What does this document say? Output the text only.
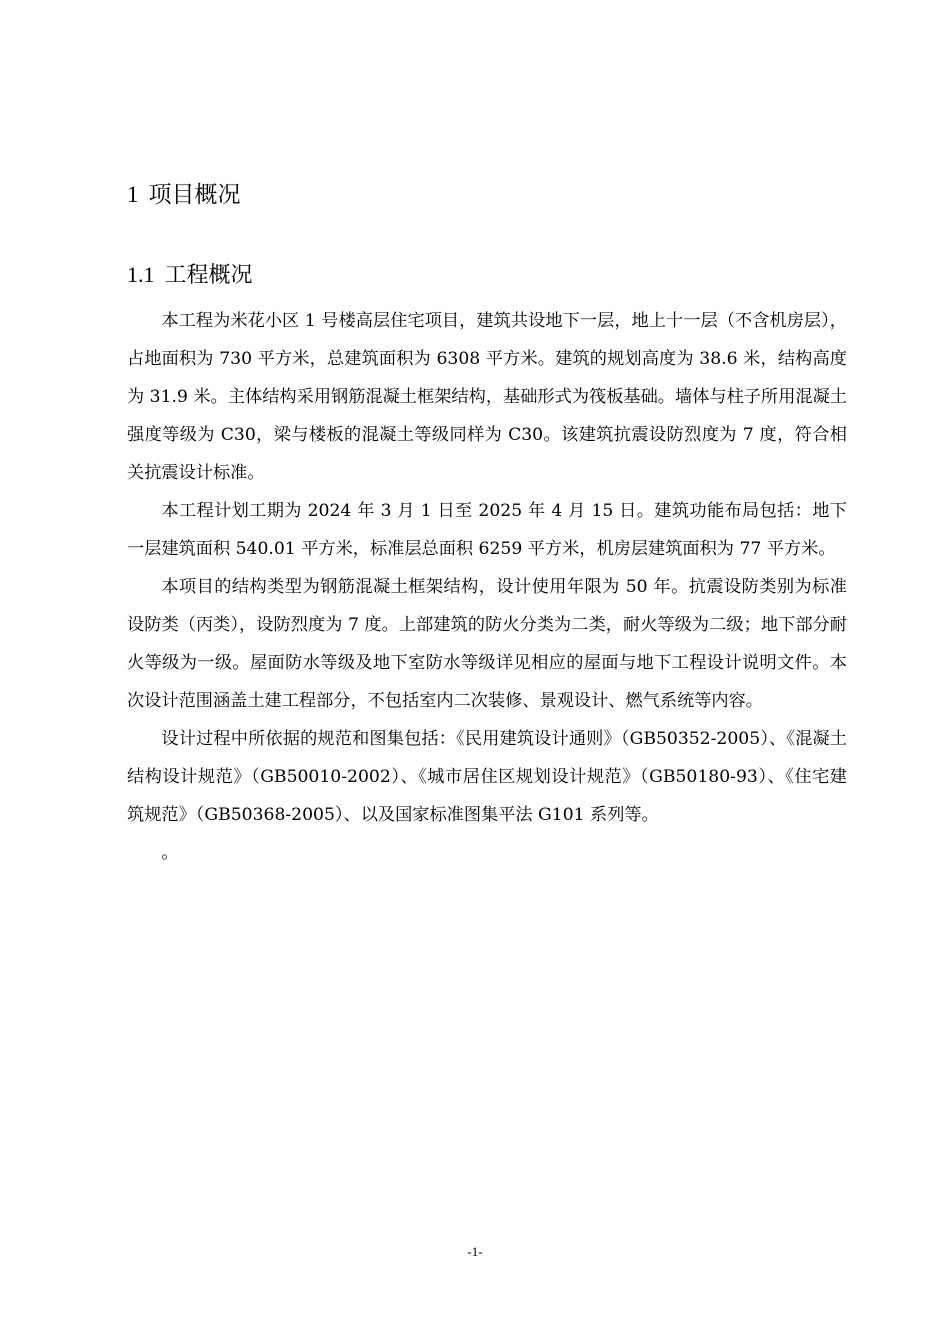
1 项目概况
1.1 工程概况

本工程为米花小区 1 号楼高层住宅项目，建筑共设地下一层，地上十一层（不含机房层），占地面积为 730 平方米，总建筑面积为 6308 平方米。建筑的规划高度为 38.6 米，结构高度为 31.9 米。主体结构采用钢筋混凝土框架结构，基础形式为筏板基础。墙体与柱子所用混凝土强度等级为 C30，梁与楼板的混凝土等级同样为 C30。该建筑抗震设防烈度为 7 度，符合相关抗震设计标准。

本工程计划工期为 2024 年 3 月 1 日至 2025 年 4 月 15 日。建筑功能布局包括：地下一层建筑面积 540.01 平方米，标准层总面积 6259 平方米，机房层建筑面积为 77 平方米。

本项目的结构类型为钢筋混凝土框架结构，设计使用年限为 50 年。抗震设防类别为标准设防类（丙类），设防烈度为 7 度。上部建筑的防火分类为二类，耐火等级为二级；地下部分耐火等级为一级。屋面防水等级及地下室防水等级详见相应的屋面与地下工程设计说明文件。本次设计范围涵盖土建工程部分，不包括室内二次装修、景观设计、燃气系统等内容。

设计过程中所依据的规范和图集包括：《民用建筑设计通则》（GB50352-2005）、《混凝土结构设计规范》（GB50010-2002）、《城市居住区规划设计规范》（GB50180-93）、《住宅建筑规范》（GB50368-2005）、以及国家标准图集平法 G101 系列等。

。

-1-
